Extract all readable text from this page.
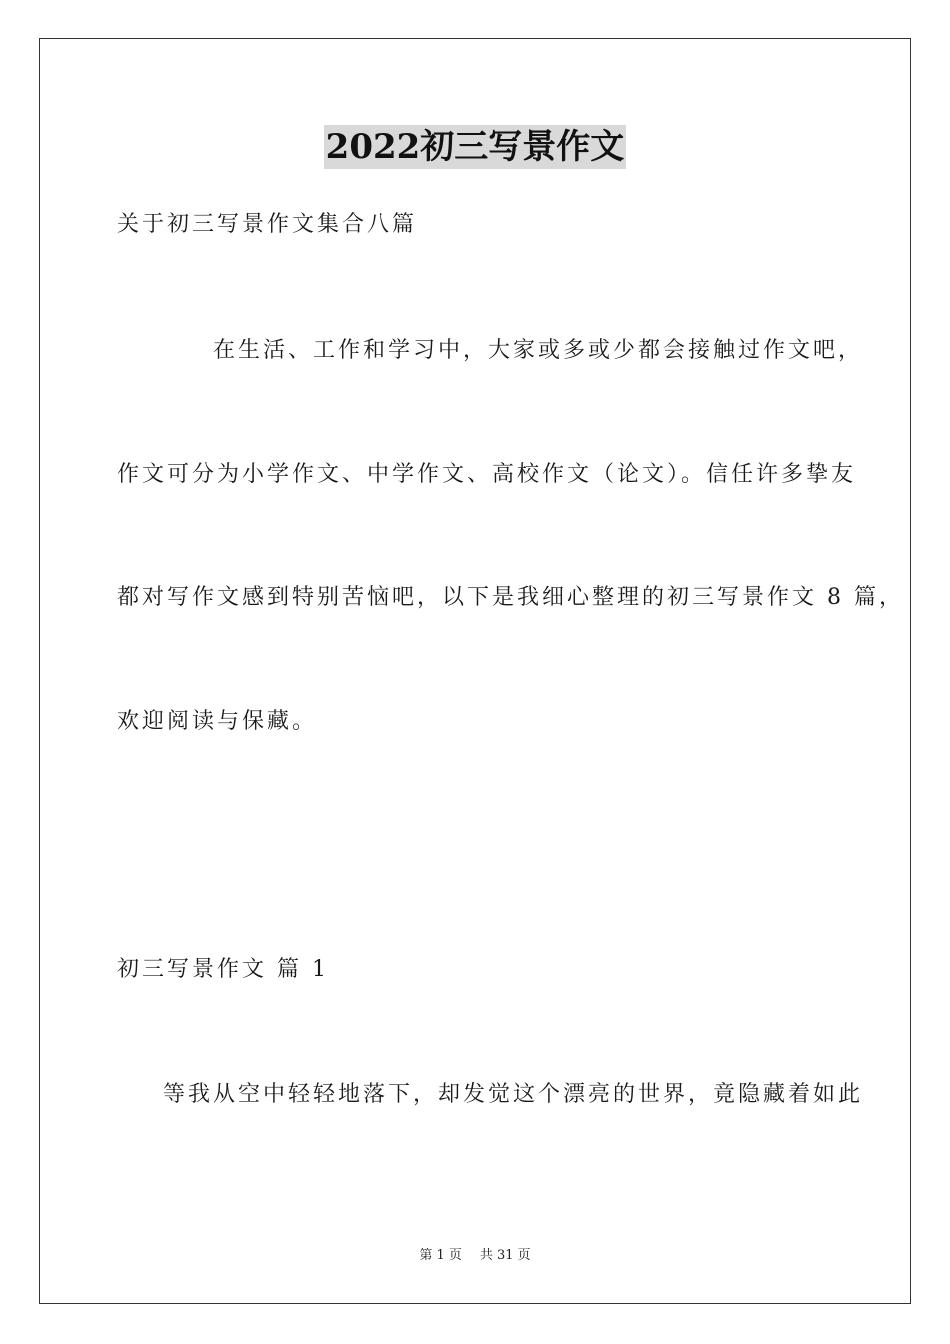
2022初三写景作文
关于初三写景作文集合八篇
在生活、工作和学习中，大家或多或少都会接触过作文吧，
作文可分为小学作文、中学作文、高校作文（论文）。信任许多挚友
都对写作文感到特别苦恼吧，以下是我细心整理的初三写景作文 8 篇，
欢迎阅读与保藏。
初三写景作文 篇 1
等我从空中轻轻地落下，却发觉这个漂亮的世界，竟隐藏着如此
第 1 页 共 31 页
